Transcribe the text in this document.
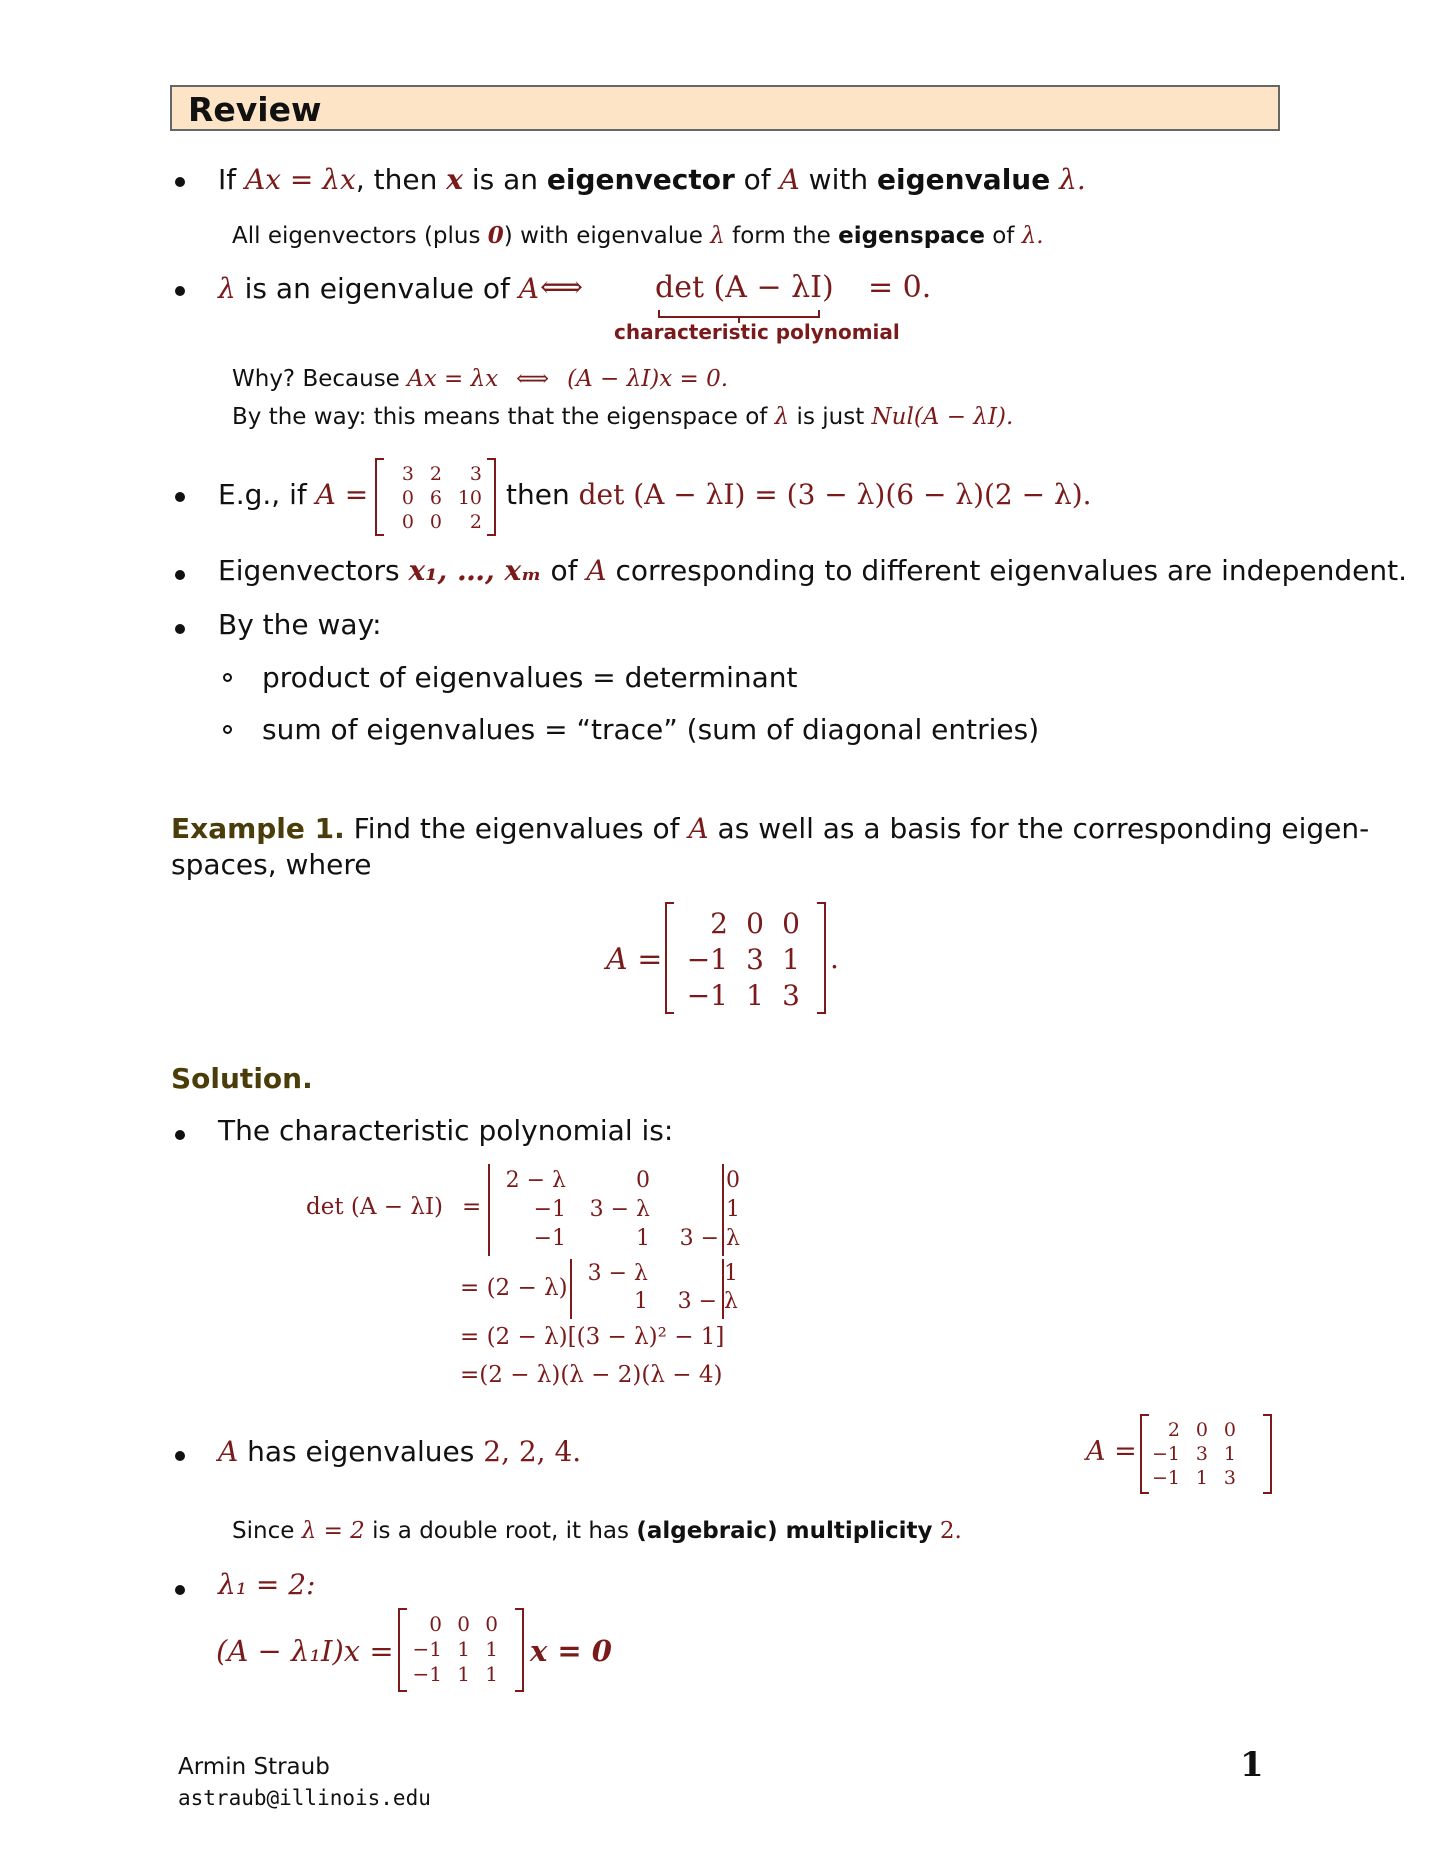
Review
If Ax = λx, then x is an eigenvector of A with eigenvalue λ.
All eigenvectors (plus 0) with eigenvalue λ form the eigenspace of λ.
λ is an eigenvalue of A ⟺ det (A − λI) = 0.
characteristic polynomial
Why? Because Ax = λx ⟺ (A − λI)x = 0.
By the way: this means that the eigenspace of λ is just Nul(A − λI).
E.g., if A =
3 2	3
0 6 10
0 0	2
then det (A − λI) = (3 − λ)(6 − λ)(2 − λ).
Eigenvectors x₁, …, xₘ of A corresponding to different eigenvalues are independent.
By the way:
product of eigenvalues = determinant
sum of eigenvalues = “trace” (sum of diagonal entries)
Example 1. Find the eigenvalues of A as well as a basis for the corresponding eigen-
spaces, where
A =
2 0 0
−1 3 1
−1 1 3
.
Solution.
The characteristic polynomial is:
det (A − λI) =
2 − λ	0	0
−1	3 − λ	1
−1	1	3 − λ
= (2 − λ)
3 − λ	1
1	3 − λ
= (2 − λ)[(3 − λ)² − 1]
=(2 − λ)(λ − 2)(λ − 4)
A has eigenvalues 2, 2, 4.	A =
2 0 0
−1 3 1
−1 1 3
Since λ = 2 is a double root, it has (algebraic) multiplicity 2.
λ₁ = 2:
(A − λ₁I)x =
0 0 0
−1 1 1
−1 1 1
x = 0
Armin Straub
astraub@illinois.edu
1
